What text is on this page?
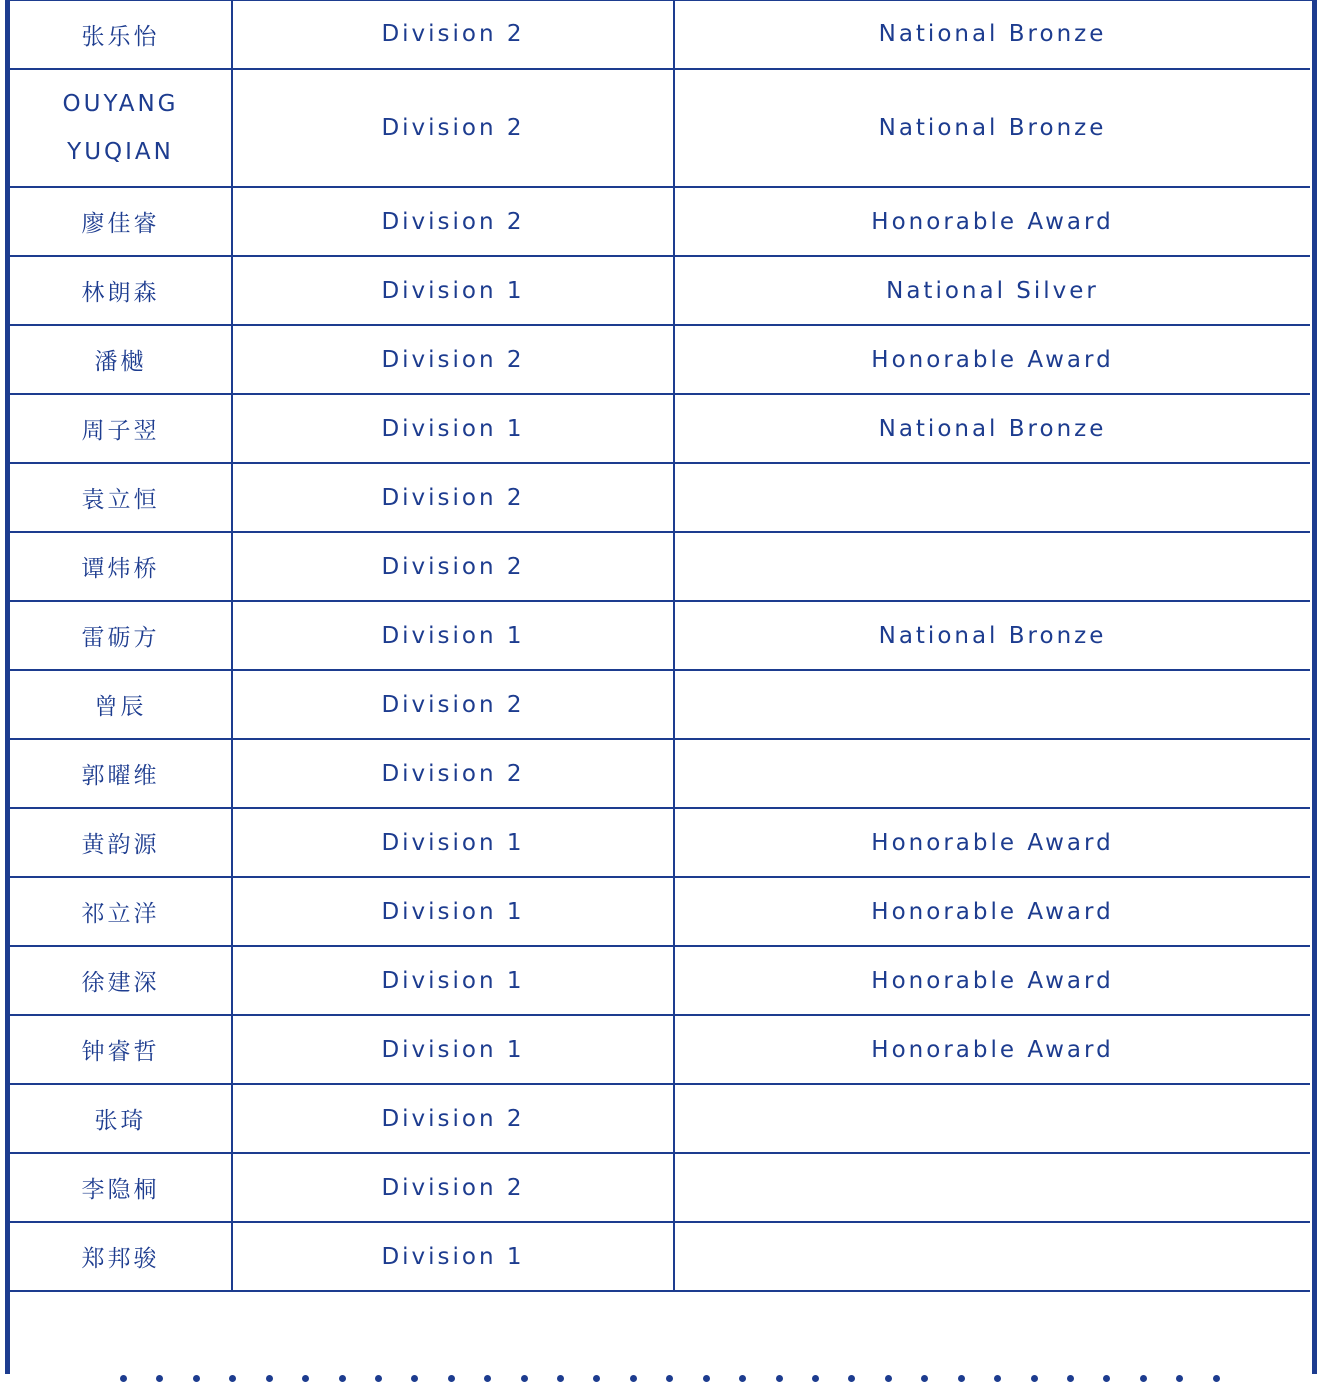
张乐怡	Division 2	National Bronze
OUYANG YUQIAN	Division 2	National Bronze
廖佳睿	Division 2	Honorable Award
林朗森	Division 1	National Silver
潘樾	Division 2	Honorable Award
周子翌	Division 1	National Bronze
袁立恒	Division 2	
谭炜桥	Division 2	
雷砺方	Division 1	National Bronze
曾辰	Division 2	
郭曜维	Division 2	
黄韵源	Division 1	Honorable Award
祁立洋	Division 1	Honorable Award
徐建深	Division 1	Honorable Award
钟睿哲	Division 1	Honorable Award
张琦	Division 2	
李隐桐	Division 2	
郑邦骏	Division 1	
